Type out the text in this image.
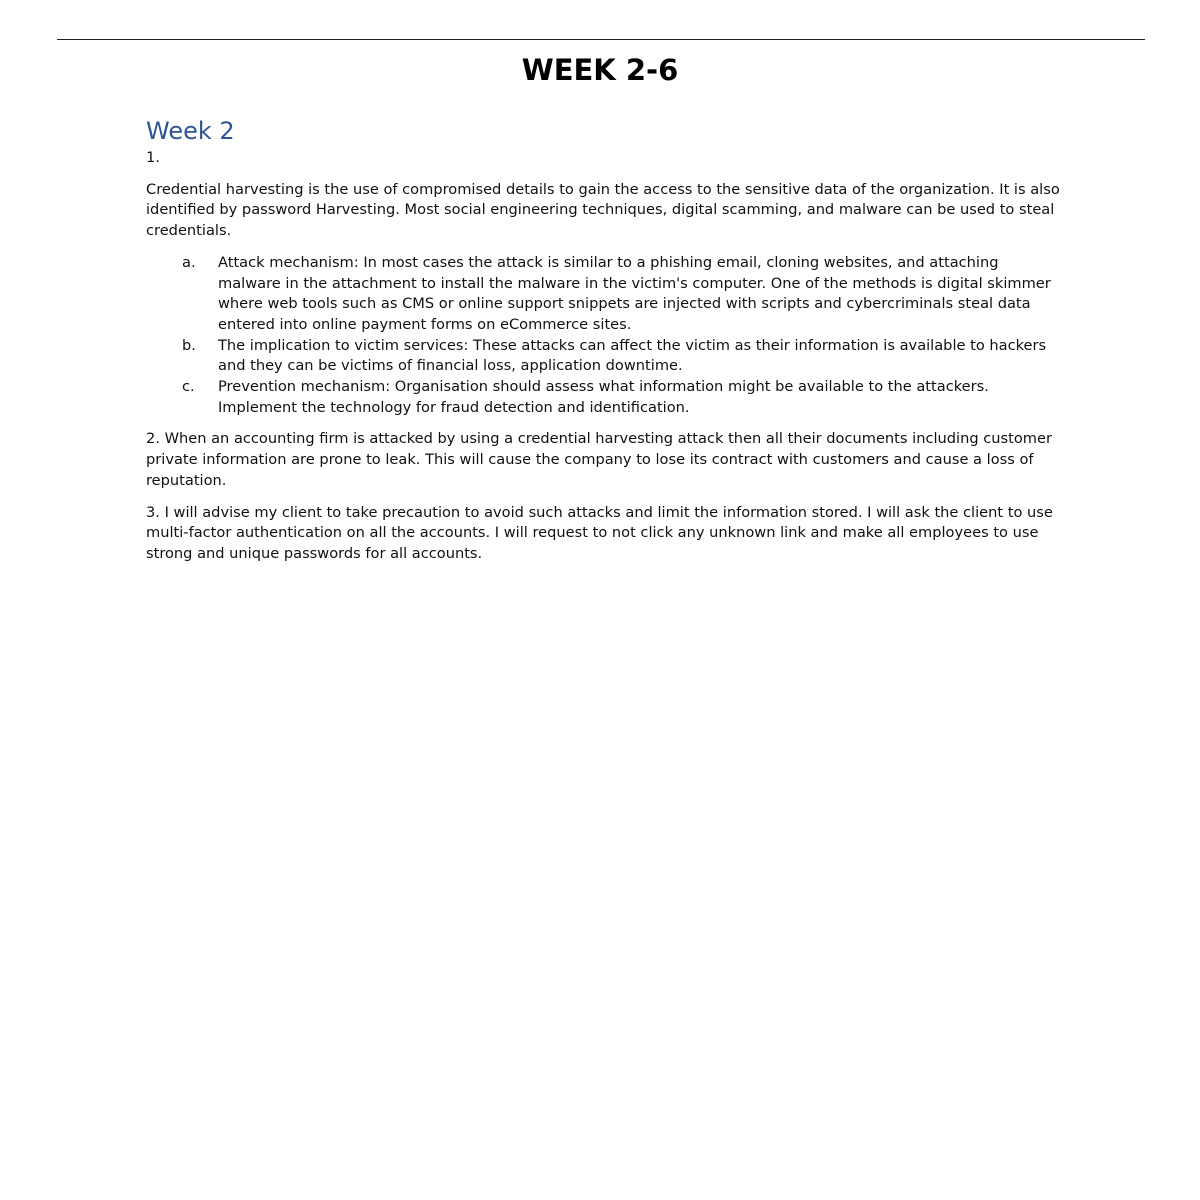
WEEK 2-6
Week 2

1.

Credential harvesting is the use of compromised details to gain the access to the sensitive data of the organization. It is also identified by password Harvesting. Most social engineering techniques, digital scamming, and malware can be used to steal credentials.

a. Attack mechanism: In most cases the attack is similar to a phishing email, cloning websites, and attaching malware in the attachment to install the malware in the victim's computer. One of the methods is digital skimmer where web tools such as CMS or online support snippets are injected with scripts and cybercriminals steal data entered into online payment forms on eCommerce sites.
b. The implication to victim services: These attacks can affect the victim as their information is available to hackers and they can be victims of financial loss, application downtime.
c. Prevention mechanism: Organisation should assess what information might be available to the attackers. Implement the technology for fraud detection and identification.

2. When an accounting firm is attacked by using a credential harvesting attack then all their documents including customer private information are prone to leak. This will cause the company to lose its contract with customers and cause a loss of reputation.

3. I will advise my client to take precaution to avoid such attacks and limit the information stored. I will ask the client to use multi-factor authentication on all the accounts. I will request to not click any unknown link and make all employees to use strong and unique passwords for all accounts.
